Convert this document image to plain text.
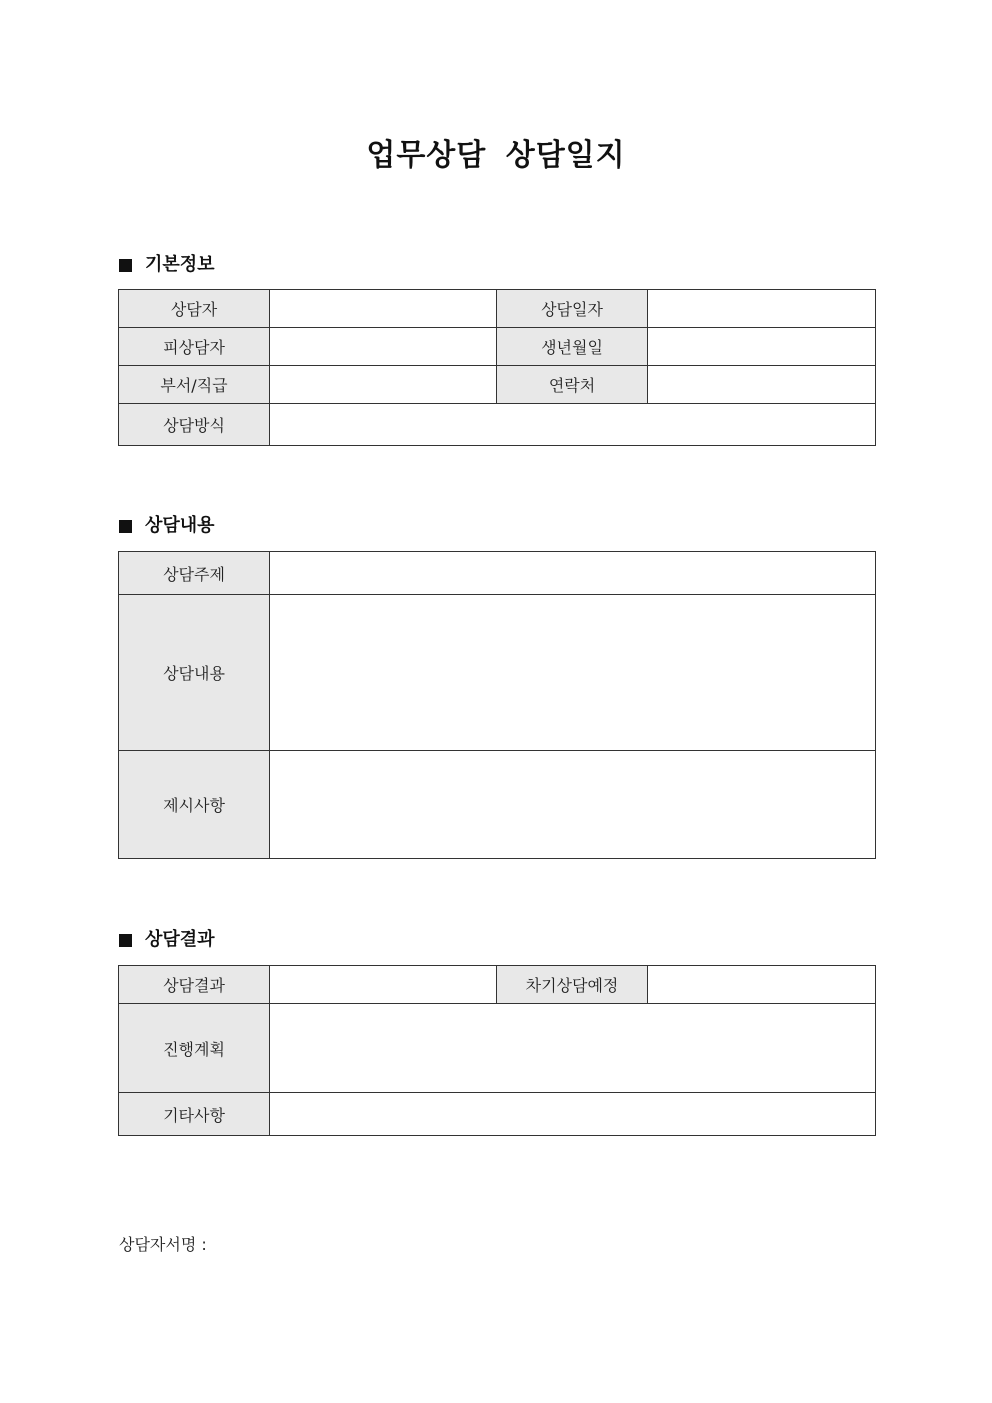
업무상담 상담일지
기본정보
상담자		상담일자	
피상담자		생년월일	
부서/직급		연락처	
상담방식			
상담내용
상담주제	
상담내용	
제시사항	
상담결과
상담결과		차기상담예정	
진행계획			
기타사항			
상담자서명 :
